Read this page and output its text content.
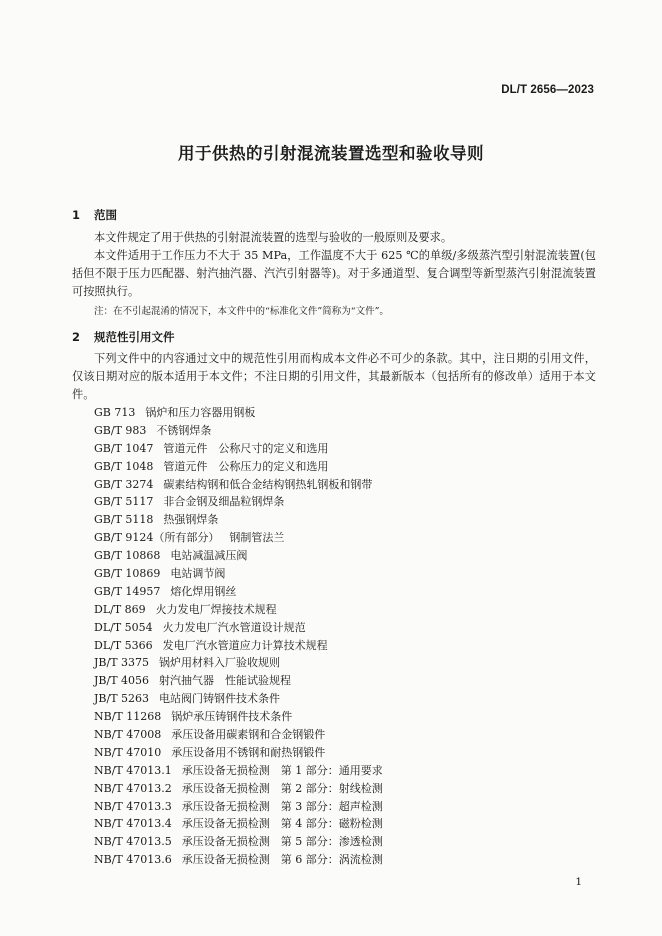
DL/T 2656—2023
用于供热的引射混流装置选型和验收导则
1 范围

本文件规定了用于供热的引射混流装置的选型与验收的一般原则及要求。

本文件适用于工作压力不大于 35 MPa，工作温度不大于 625 ℃的单级/多级蒸汽型引射混流装置(包括但不限于压力匹配器、射汽抽汽器、汽汽引射器等)。对于多通道型、复合调型等新型蒸汽引射混流装置可按照执行。

注：在不引起混淆的情况下，本文件中的“标准化文件”简称为“文件”。
2 规范性引用文件

下列文件中的内容通过文中的规范性引用而构成本文件必不可少的条款。其中，注日期的引用文件，仅该日期对应的版本适用于本文件；不注日期的引用文件，其最新版本（包括所有的修改单）适用于本文件。

GB 713 锅炉和压力容器用钢板
GB/T 983 不锈钢焊条
GB/T 1047 管道元件　公称尺寸的定义和选用
GB/T 1048 管道元件　公称压力的定义和选用
GB/T 3274 碳素结构钢和低合金结构钢热轧钢板和钢带
GB/T 5117 非合金钢及细晶粒钢焊条
GB/T 5118 热强钢焊条
GB/T 9124（所有部分） 钢制管法兰
GB/T 10868 电站减温减压阀
GB/T 10869 电站调节阀
GB/T 14957 熔化焊用钢丝
DL/T 869 火力发电厂焊接技术规程
DL/T 5054 火力发电厂汽水管道设计规范
DL/T 5366 发电厂汽水管道应力计算技术规程
JB/T 3375 锅炉用材料入厂验收规则
JB/T 4056 射汽抽气器　性能试验规程
JB/T 5263 电站阀门铸钢件技术条件
NB/T 11268 锅炉承压铸钢件技术条件
NB/T 47008 承压设备用碳素钢和合金钢锻件
NB/T 47010 承压设备用不锈钢和耐热钢锻件
NB/T 47013.1 承压设备无损检测　第 1 部分：通用要求
NB/T 47013.2 承压设备无损检测　第 2 部分：射线检测
NB/T 47013.3 承压设备无损检测　第 3 部分：超声检测
NB/T 47013.4 承压设备无损检测　第 4 部分：磁粉检测
NB/T 47013.5 承压设备无损检测　第 5 部分：渗透检测
NB/T 47013.6 承压设备无损检测　第 6 部分：涡流检测
1
